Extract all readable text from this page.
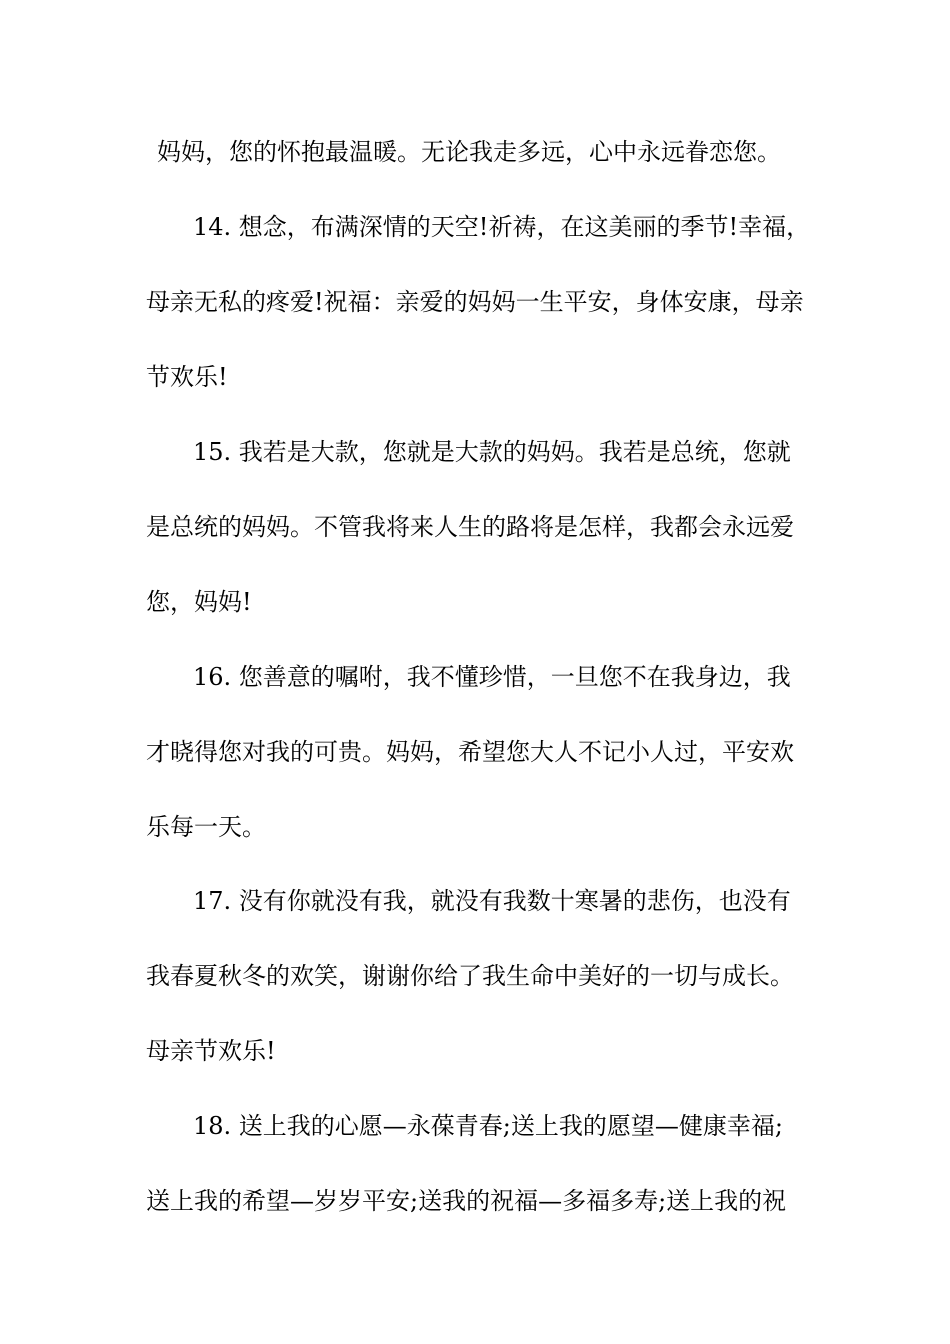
妈妈，您的怀抱最温暖。无论我走多远，心中永远眷恋您。
14. 想念，布满深情的天空!祈祷，在这美丽的季节!幸福，
母亲无私的疼爱!祝福：亲爱的妈妈一生平安，身体安康，母亲
节欢乐!
15. 我若是大款，您就是大款的妈妈。我若是总统，您就
是总统的妈妈。不管我将来人生的路将是怎样，我都会永远爱
您，妈妈!
16. 您善意的嘱咐，我不懂珍惜，一旦您不在我身边，我
才晓得您对我的可贵。妈妈，希望您大人不记小人过，平安欢
乐每一天。
17. 没有你就没有我，就没有我数十寒暑的悲伤，也没有
我春夏秋冬的欢笑，谢谢你给了我生命中美好的一切与成长。
母亲节欢乐!
18. 送上我的心愿—永葆青春;送上我的愿望—健康幸福;
送上我的希望—岁岁平安;送我的祝福—多福多寿;送上我的祝
